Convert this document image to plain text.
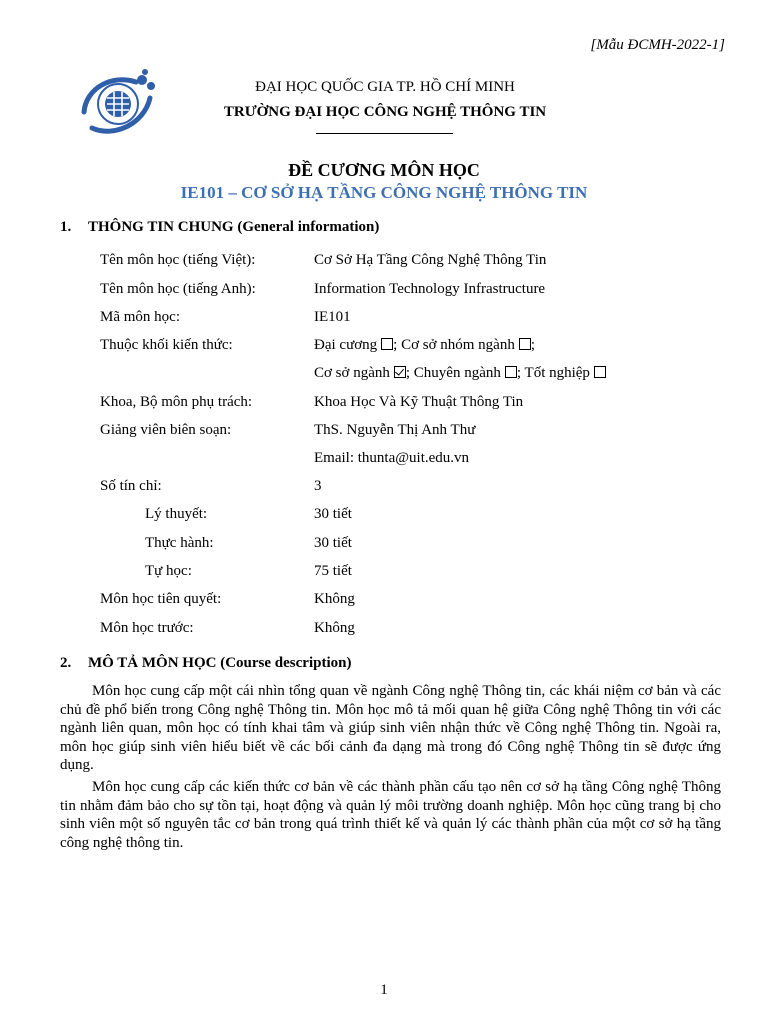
[Mẫu ĐCMH-2022-1]
ĐẠI HỌC QUỐC GIA TP. HỒ CHÍ MINH
TRƯỜNG ĐẠI HỌC CÔNG NGHỆ THÔNG TIN
ĐỀ CƯƠNG MÔN HỌC
IE101 – CƠ SỞ HẠ TẦNG CÔNG NGHỆ THÔNG TIN
1. THÔNG TIN CHUNG (General information)
Tên môn học (tiếng Việt):	Cơ Sở Hạ Tầng Công Nghệ Thông Tin
Tên môn học (tiếng Anh):	Information Technology Infrastructure
Mã môn học:	IE101
Thuộc khối kiến thức:	Đại cương ; Cơ sở nhóm ngành ;
Cơ sở ngành ; Chuyên ngành ; Tốt nghiệp
Khoa, Bộ môn phụ trách:	Khoa Học Và Kỹ Thuật Thông Tin
Giảng viên biên soạn:	ThS. Nguyễn Thị Anh Thư
Email: thunta@uit.edu.vn
Số tín chỉ:	3
Lý thuyết:	30 tiết
Thực hành:	30 tiết
Tự học:	75 tiết
Môn học tiên quyết:	Không
Môn học trước:	Không
2. MÔ TẢ MÔN HỌC (Course description)

Môn học cung cấp một cái nhìn tổng quan về ngành Công nghệ Thông tin, các khái niệm cơ bản và các chủ đề phổ biến trong Công nghệ Thông tin. Môn học mô tả mối quan hệ giữa Công nghệ Thông tin với các ngành liên quan, môn học có tính khai tâm và giúp sinh viên nhận thức về Công nghệ Thông tin. Ngoài ra, môn học giúp sinh viên hiểu biết về các bối cảnh đa dạng mà trong đó Công nghệ Thông tin sẽ được ứng dụng.

Môn học cung cấp các kiến thức cơ bản về các thành phần cấu tạo nên cơ sở hạ tầng Công nghệ Thông tin nhằm đảm bảo cho sự tồn tại, hoạt động và quản lý môi trường doanh nghiệp. Môn học cũng trang bị cho sinh viên một số nguyên tắc cơ bản trong quá trình thiết kế và quản lý các thành phần của một cơ sở hạ tầng công nghệ thông tin.

1
